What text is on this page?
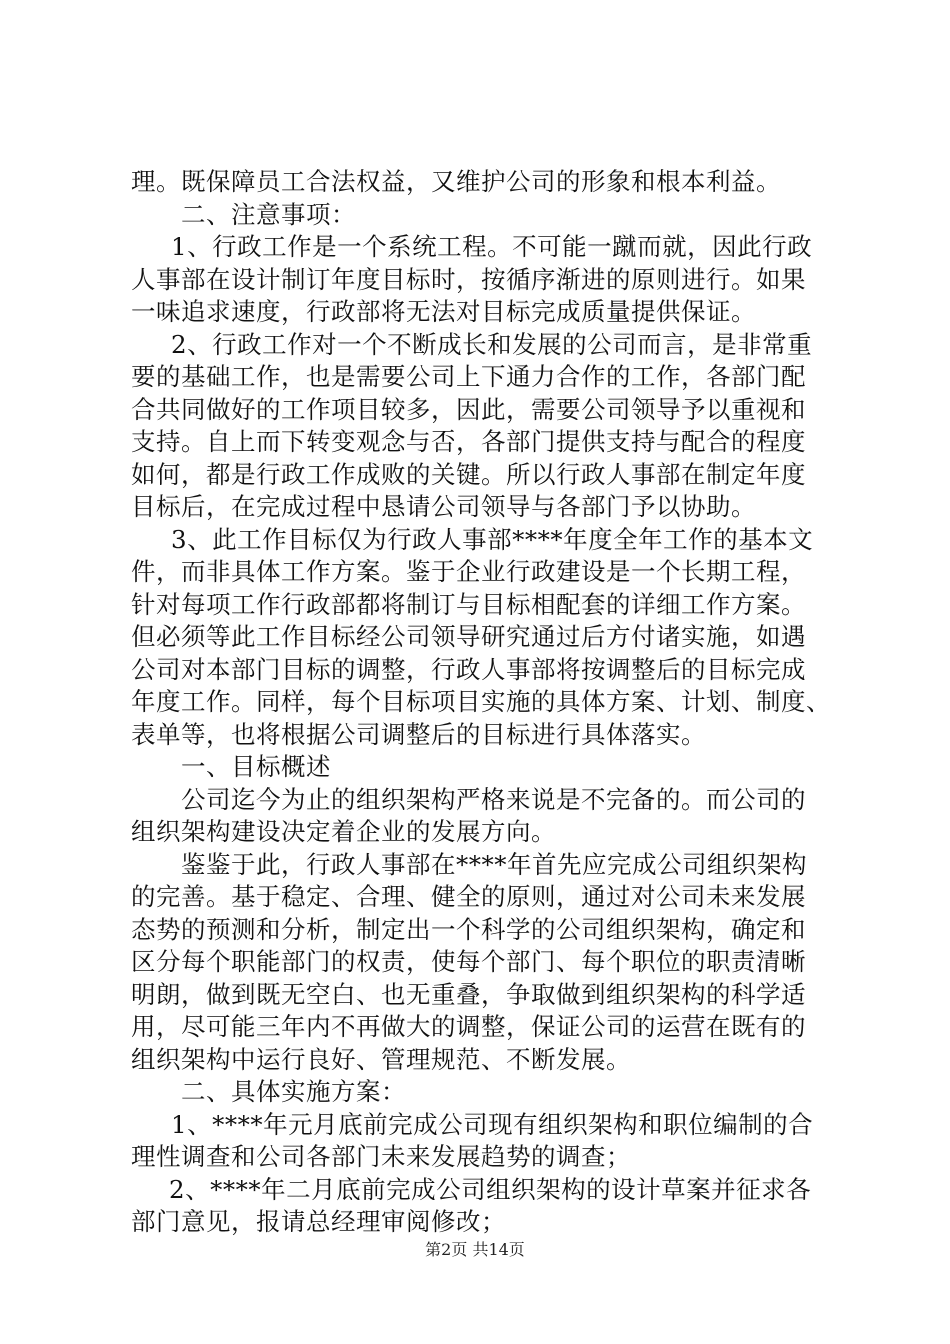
理。既保障员工合法权益，又维护公司的形象和根本利益。
二、注意事项：
1、行政工作是一个系统工程。不可能一蹴而就，因此行政
人事部在设计制订年度目标时，按循序渐进的原则进行。如果
一味追求速度，行政部将无法对目标完成质量提供保证。
2、行政工作对一个不断成长和发展的公司而言，是非常重
要的基础工作，也是需要公司上下通力合作的工作，各部门配
合共同做好的工作项目较多，因此，需要公司领导予以重视和
支持。自上而下转变观念与否，各部门提供支持与配合的程度
如何，都是行政工作成败的关键。所以行政人事部在制定年度
目标后，在完成过程中恳请公司领导与各部门予以协助。
3、此工作目标仅为行政人事部****年度全年工作的基本文
件，而非具体工作方案。鉴于企业行政建设是一个长期工程，
针对每项工作行政部都将制订与目标相配套的详细工作方案。
但必须等此工作目标经公司领导研究通过后方付诸实施，如遇
公司对本部门目标的调整，行政人事部将按调整后的目标完成
年度工作。同样，每个目标项目实施的具体方案、计划、制度、
表单等，也将根据公司调整后的目标进行具体落实。
一、目标概述
公司迄今为止的组织架构严格来说是不完备的。而公司的
组织架构建设决定着企业的发展方向。
鉴鉴于此，行政人事部在****年首先应完成公司组织架构
的完善。基于稳定、合理、健全的原则，通过对公司未来发展
态势的预测和分析，制定出一个科学的公司组织架构，确定和
区分每个职能部门的权责，使每个部门、每个职位的职责清晰
明朗，做到既无空白、也无重叠，争取做到组织架构的科学适
用，尽可能三年内不再做大的调整，保证公司的运营在既有的
组织架构中运行良好、管理规范、不断发展。
二、具体实施方案：
1、****年元月底前完成公司现有组织架构和职位编制的合
理性调查和公司各部门未来发展趋势的调查；
2、****年二月底前完成公司组织架构的设计草案并征求各
部门意见，报请总经理审阅修改；
第2页 共14页
